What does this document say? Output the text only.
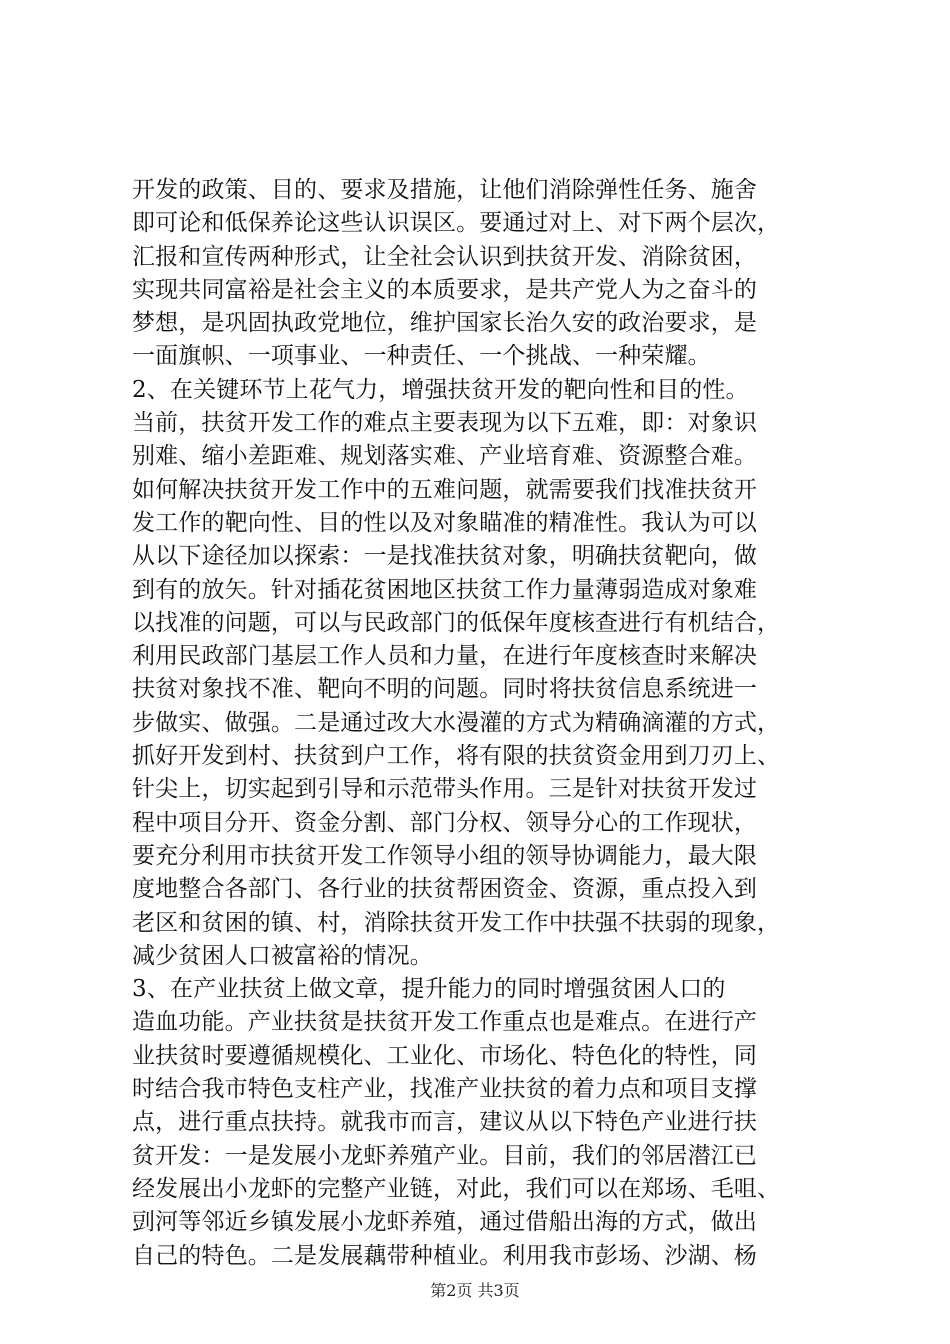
开发的政策、目的、要求及措施，让他们消除弹性任务、施舍
即可论和低保养论这些认识误区。要通过对上、对下两个层次，
汇报和宣传两种形式，让全社会认识到扶贫开发、消除贫困，
实现共同富裕是社会主义的本质要求，是共产党人为之奋斗的
梦想，是巩固执政党地位，维护国家长治久安的政治要求，是
一面旗帜、一项事业、一种责任、一个挑战、一种荣耀。
2、在关键环节上花气力，增强扶贫开发的靶向性和目的性。
当前，扶贫开发工作的难点主要表现为以下五难，即：对象识
别难、缩小差距难、规划落实难、产业培育难、资源整合难。
如何解决扶贫开发工作中的五难问题，就需要我们找准扶贫开
发工作的靶向性、目的性以及对象瞄准的精准性。我认为可以
从以下途径加以探索：一是找准扶贫对象，明确扶贫靶向，做
到有的放矢。针对插花贫困地区扶贫工作力量薄弱造成对象难
以找准的问题，可以与民政部门的低保年度核查进行有机结合，
利用民政部门基层工作人员和力量，在进行年度核查时来解决
扶贫对象找不准、靶向不明的问题。同时将扶贫信息系统进一
步做实、做强。二是通过改大水漫灌的方式为精确滴灌的方式，
抓好开发到村、扶贫到户工作，将有限的扶贫资金用到刀刃上、
针尖上，切实起到引导和示范带头作用。三是针对扶贫开发过
程中项目分开、资金分割、部门分权、领导分心的工作现状，
要充分利用市扶贫开发工作领导小组的领导协调能力，最大限
度地整合各部门、各行业的扶贫帮困资金、资源，重点投入到
老区和贫困的镇、村，消除扶贫开发工作中扶强不扶弱的现象，
减少贫困人口被富裕的情况。
3、在产业扶贫上做文章，提升能力的同时增强贫困人口的
造血功能。产业扶贫是扶贫开发工作重点也是难点。在进行产
业扶贫时要遵循规模化、工业化、市场化、特色化的特性，同
时结合我市特色支柱产业，找准产业扶贫的着力点和项目支撑
点，进行重点扶持。就我市而言，建议从以下特色产业进行扶
贫开发：一是发展小龙虾养殖产业。目前，我们的邻居潜江已
经发展出小龙虾的完整产业链，对此，我们可以在郑场、毛咀、
剅河等邻近乡镇发展小龙虾养殖，通过借船出海的方式，做出
自己的特色。二是发展藕带种植业。利用我市彭场、沙湖、杨
第2页 共3页
